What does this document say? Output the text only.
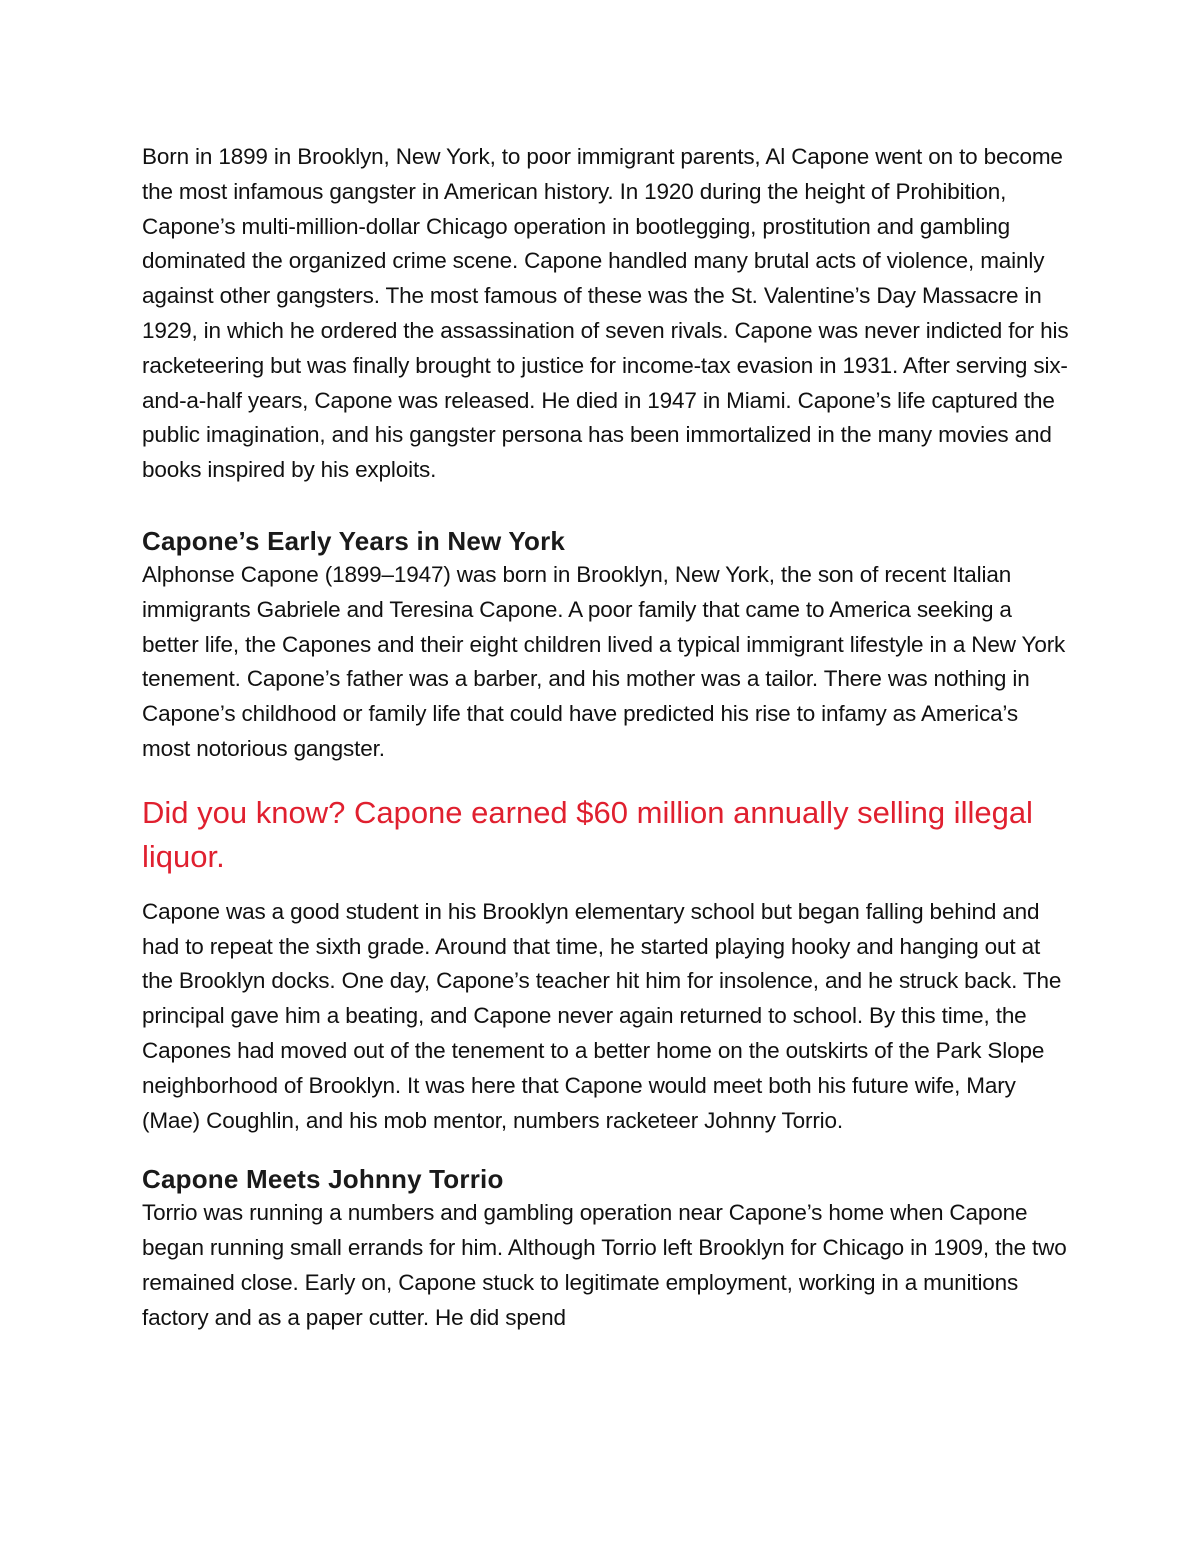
Born in 1899 in Brooklyn, New York, to poor immigrant parents, Al Capone went on to become the most infamous gangster in American history. In 1920 during the height of Prohibition, Capone’s multi-million-dollar Chicago operation in bootlegging, prostitution and gambling dominated the organized crime scene. Capone handled many brutal acts of violence, mainly against other gangsters. The most famous of these was the St. Valentine’s Day Massacre in 1929, in which he ordered the assassination of seven rivals. Capone was never indicted for his racketeering but was finally brought to justice for income-tax evasion in 1931. After serving six-and-a-half years, Capone was released. He died in 1947 in Miami. Capone’s life captured the public imagination, and his gangster persona has been immortalized in the many movies and books inspired by his exploits.

Capone’s Early Years in New York

Alphonse Capone (1899–1947) was born in Brooklyn, New York, the son of recent Italian immigrants Gabriele and Teresina Capone. A poor family that came to America seeking a better life, the Capones and their eight children lived a typical immigrant lifestyle in a New York tenement. Capone’s father was a barber, and his mother was a tailor. There was nothing in Capone’s childhood or family life that could have predicted his rise to infamy as America’s most notorious gangster.

Did you know? Capone earned $60 million annually selling illegal liquor.

Capone was a good student in his Brooklyn elementary school but began falling behind and had to repeat the sixth grade. Around that time, he started playing hooky and hanging out at the Brooklyn docks. One day, Capone’s teacher hit him for insolence, and he struck back. The principal gave him a beating, and Capone never again returned to school. By this time, the Capones had moved out of the tenement to a better home on the outskirts of the Park Slope neighborhood of Brooklyn. It was here that Capone would meet both his future wife, Mary (Mae) Coughlin, and his mob mentor, numbers racketeer Johnny Torrio.

Capone Meets Johnny Torrio

Torrio was running a numbers and gambling operation near Capone’s home when Capone began running small errands for him. Although Torrio left Brooklyn for Chicago in 1909, the two remained close. Early on, Capone stuck to legitimate employment, working in a munitions factory and as a paper cutter. He did spend
